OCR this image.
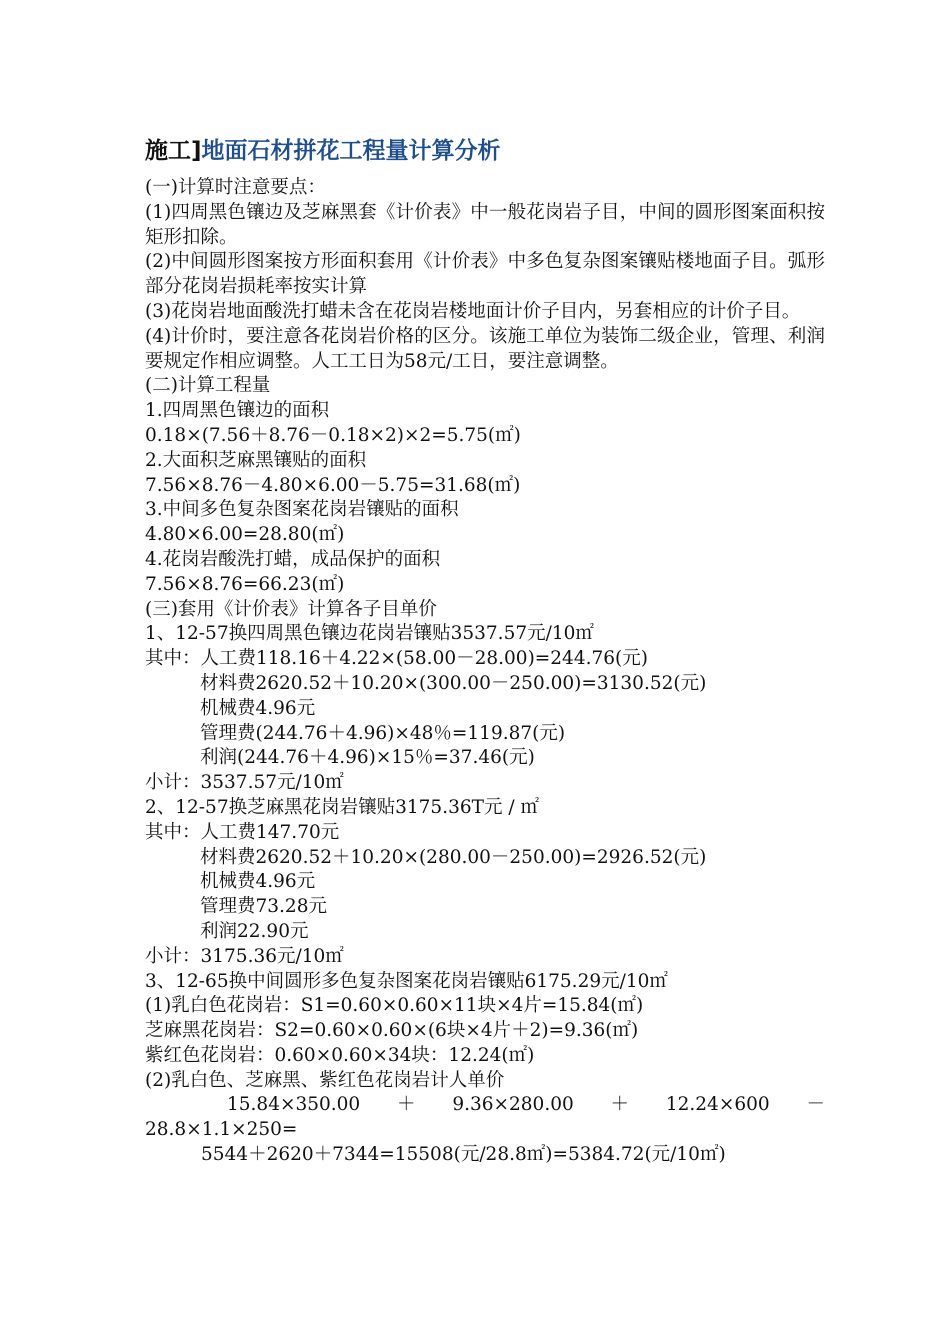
施工]地面石材拼花工程量计算分析
(一)计算时注意要点：
(1)四周黑色镶边及芝麻黑套《计价表》中一般花岗岩子目，中间的圆形图案面积按矩形扣除。
(2)中间圆形图案按方形面积套用《计价表》中多色复杂图案镶贴楼地面子目。弧形部分花岗岩损耗率按实计算
(3)花岗岩地面酸洗打蜡未含在花岗岩楼地面计价子目内，另套相应的计价子目。
(4)计价时，要注意各花岗岩价格的区分。该施工单位为装饰二级企业，管理、利润要规定作相应调整。人工工日为58元/工日，要注意调整。
(二)计算工程量
1.四周黑色镶边的面积
0.18×(7.56＋8.76－0.18×2)×2=5.75(㎡)
2.大面积芝麻黑镶贴的面积
7.56×8.76－4.80×6.00－5.75=31.68(㎡)
3.中间多色复杂图案花岗岩镶贴的面积
4.80×6.00=28.80(㎡)
4.花岗岩酸洗打蜡，成品保护的面积
7.56×8.76=66.23(㎡)
(三)套用《计价表》计算各子目单价
1、12-57换四周黑色镶边花岗岩镶贴3537.57元/10㎡
其中：人工费118.16＋4.22×(58.00－28.00)=244.76(元)
材料费2620.52＋10.20×(300.00－250.00)=3130.52(元)
机械费4.96元
管理费(244.76＋4.96)×48％=119.87(元)
利润(244.76＋4.96)×15％=37.46(元)
小计：3537.57元/10㎡
2、12-57换芝麻黑花岗岩镶贴3175.36T元 / ㎡
其中：人工费147.70元
材料费2620.52＋10.20×(280.00－250.00)=2926.52(元)
机械费4.96元
管理费73.28元
利润22.90元
小计：3175.36元/10㎡
3、12-65换中间圆形多色复杂图案花岗岩镶贴6175.29元/10㎡
(1)乳白色花岗岩：S1=0.60×0.60×11块×4片=15.84(㎡)
芝麻黑花岗岩：S2=0.60×0.60×(6块×4片＋2)=9.36(㎡)
紫红色花岗岩：0.60×0.60×34块：12.24(㎡)
(2)乳白色、芝麻黑、紫红色花岗岩计人单价
15.84×350.00 ＋ 9.36×280.00 ＋ 12.24×600 －
28.8×1.1×250=
5544＋2620＋7344=15508(元/28.8㎡)=5384.72(元/10㎡)
